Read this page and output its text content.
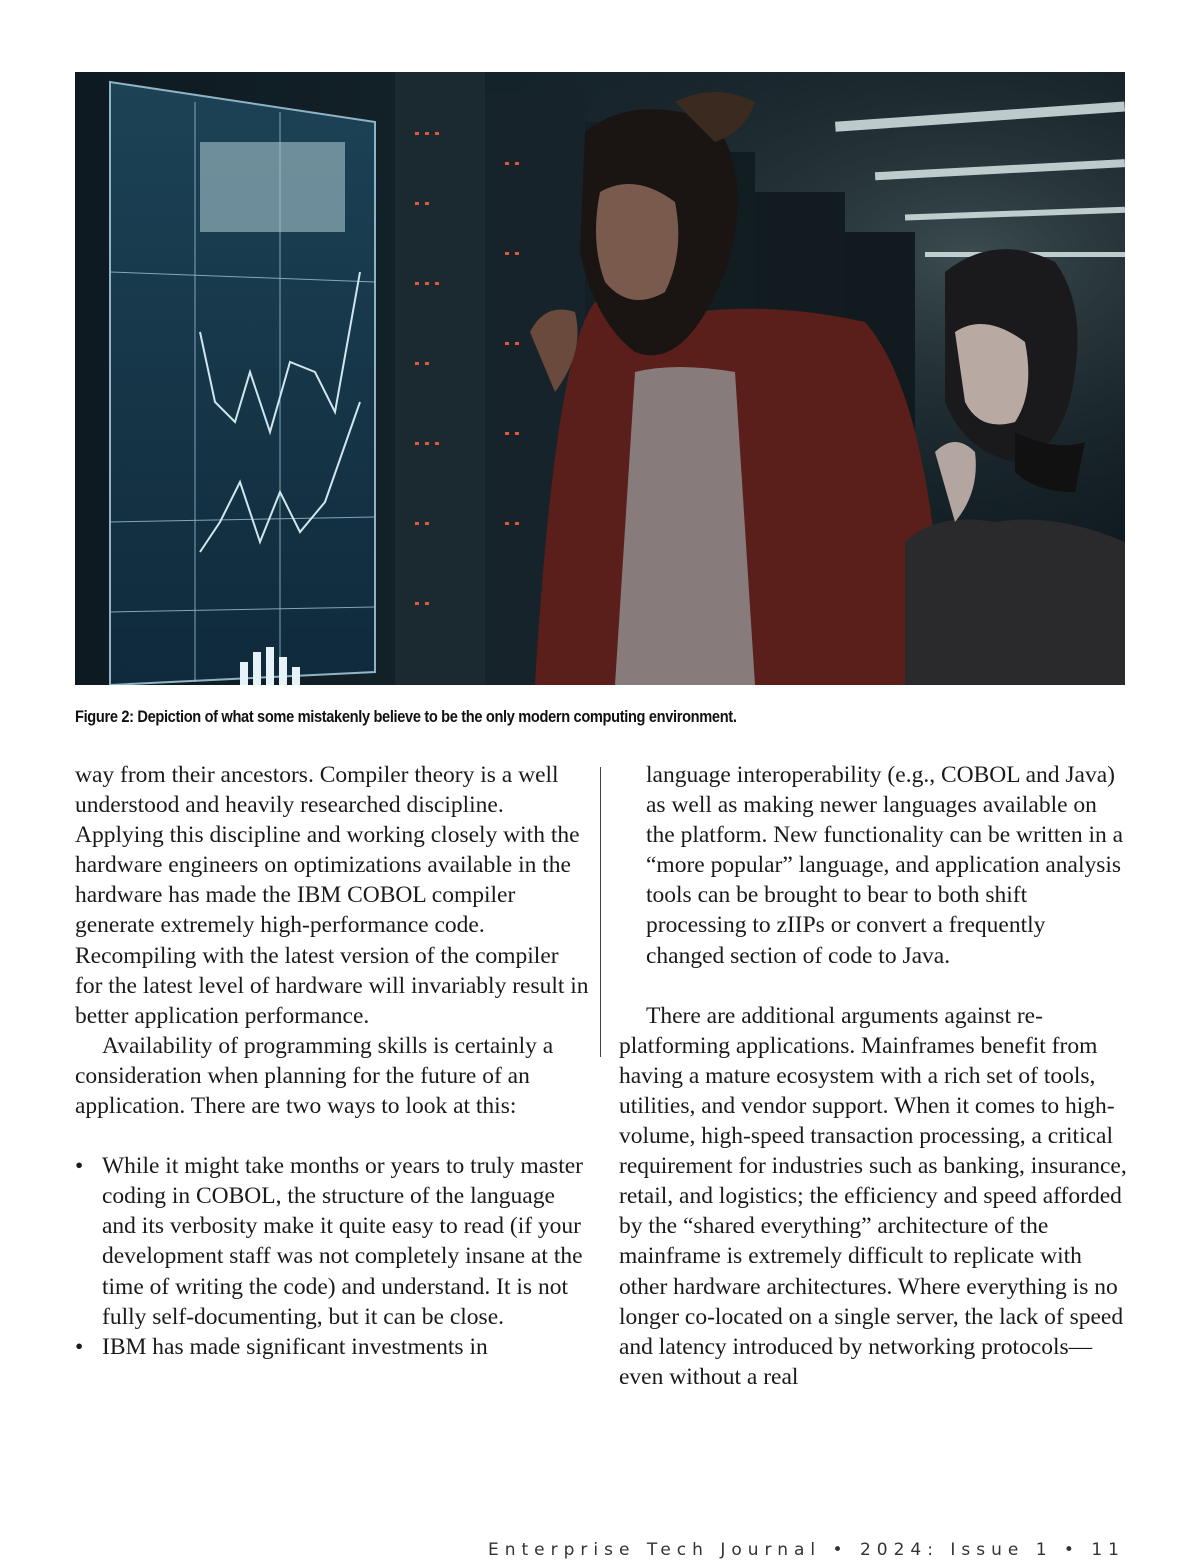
Figure 2: Depiction of what some mistakenly believe to be the only modern computing environment.

way from their ancestors. Compiler theory is a well understood and heavily researched discipline. Applying this discipline and working closely with the hardware engineers on optimizations available in the hardware has made the IBM COBOL compiler generate extremely high-performance code. Recompiling with the latest version of the compiler for the latest level of hardware will invariably result in better application performance.

Availability of programming skills is certainly a consideration when planning for the future of an application. There are two ways to look at this:

• While it might take months or years to truly master coding in COBOL, the structure of the language and its verbosity make it quite easy to read (if your development staff was not completely insane at the time of writing the code) and understand. It is not fully self-documenting, but it can be close.
• IBM has made significant investments in

language interoperability (e.g., COBOL and Java) as well as making newer languages available on the platform. New functionality can be written in a “more popular” language, and application analysis tools can be brought to bear to both shift processing to zIIPs or convert a frequently changed section of code to Java.

There are additional arguments against re-platforming applications. Mainframes benefit from having a mature ecosystem with a rich set of tools, utilities, and vendor support. When it comes to high-volume, high-speed transaction processing, a critical requirement for industries such as banking, insurance, retail, and logistics; the efficiency and speed afforded by the “shared everything” architecture of the mainframe is extremely difficult to replicate with other hardware architectures. Where everything is no longer co-located on a single server, the lack of speed and latency introduced by networking protocols—even without a real

Enterprise Tech Journal • 2024: Issue 1 • 11
